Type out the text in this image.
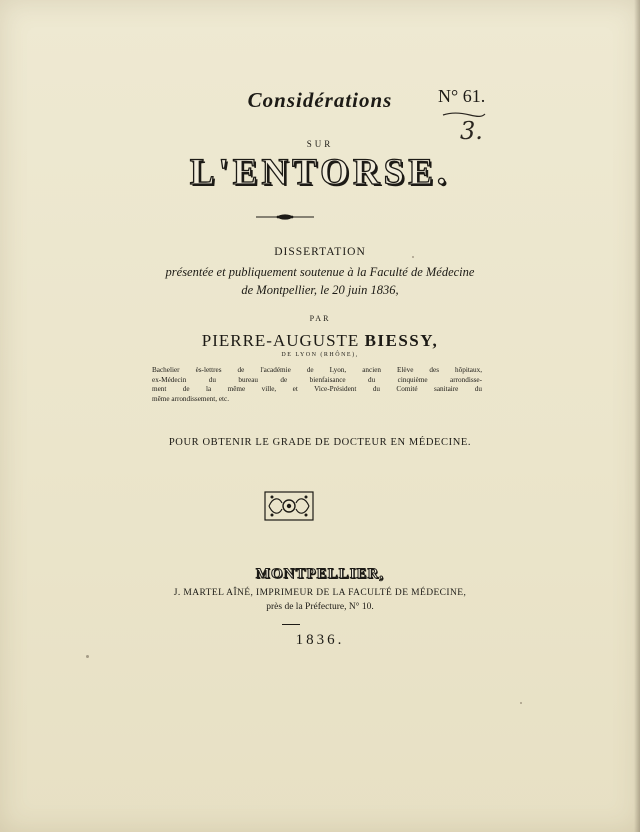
N° 61.
3.
Considérations
SUR
L'ENTORSE.
DISSERTATION
présentée et publiquement soutenue à la Faculté de Médecine
de Montpellier, le 20 juin 1836,
PAR
PIERRE-AUGUSTE BIESSY,
DE LYON (RHÔNE),
Bachelier ès-lettres de l'académie de Lyon, ancien Elève des hôpitaux,
ex-Médecin du bureau de bienfaisance du cinquième arrondisse-
ment de la même ville, et Vice-Président du Comité sanitaire du
même arrondissement, etc.
POUR OBTENIR LE GRADE DE DOCTEUR EN MÉDECINE.
MONTPELLIER,
J. MARTEL AÎNÉ, IMPRIMEUR DE LA FACULTÉ DE MÉDECINE,
près de la Préfecture, N° 10.
1836.
